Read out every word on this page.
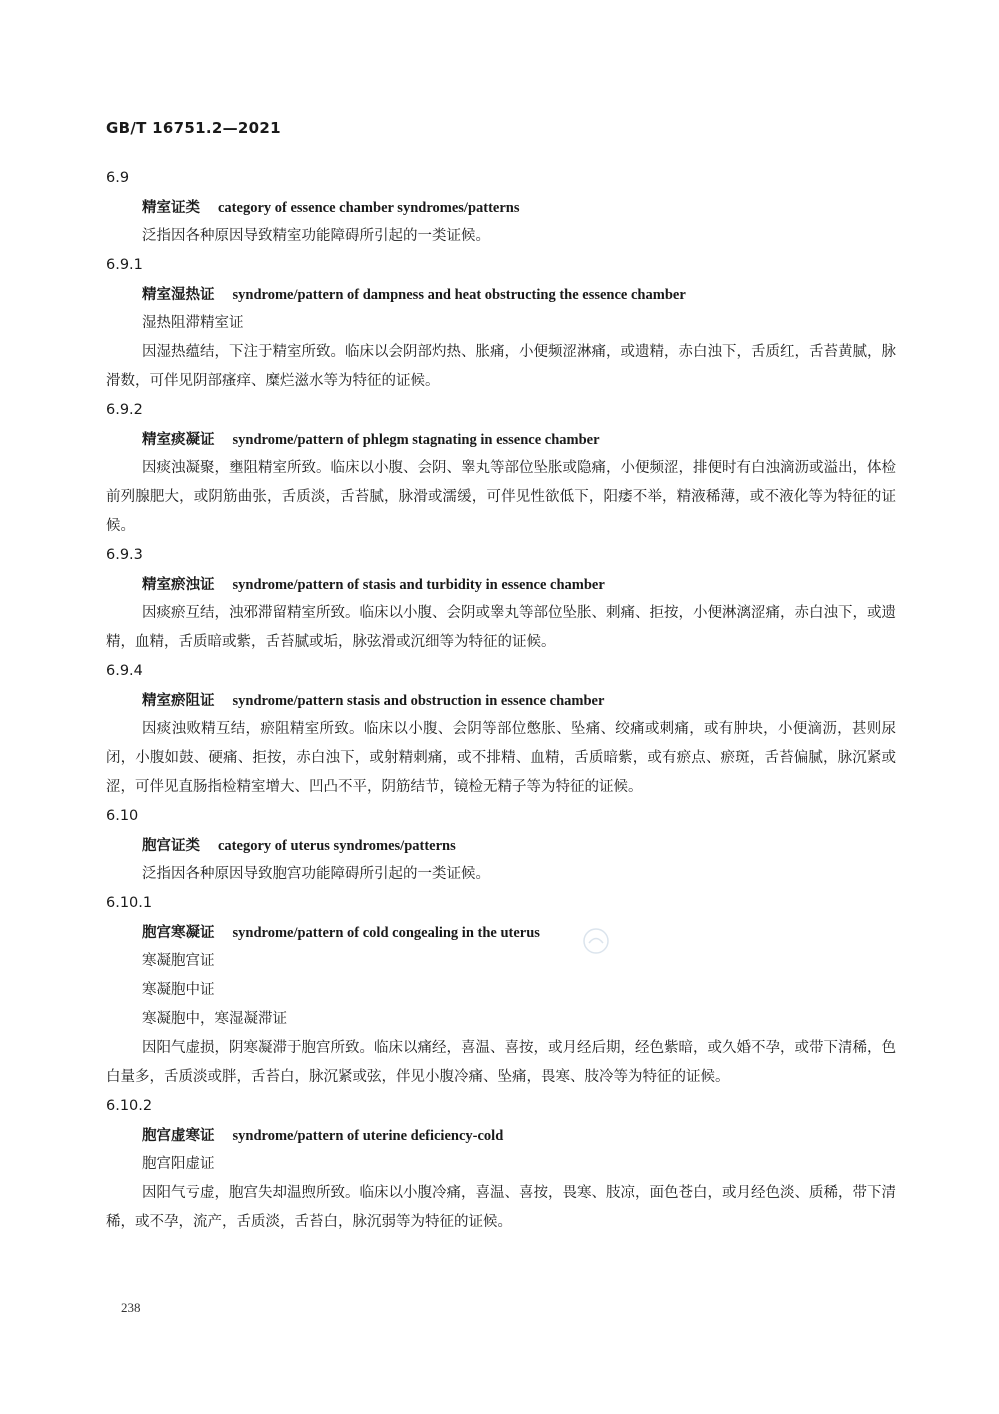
GB/T 16751.2—2021
6.9
精室证类 category of essence chamber syndromes/patterns

泛指因各种原因导致精室功能障碍所引起的一类证候。

6.9.1
精室湿热证 syndrome/pattern of dampness and heat obstructing the essence chamber
湿热阻滞精室证

因湿热蕴结，下注于精室所致。临床以会阴部灼热、胀痛，小便频涩淋痛，或遗精，赤白浊下，舌质红，舌苔黄腻，脉滑数，可伴见阴部瘙痒、糜烂滋水等为特征的证候。

6.9.2
精室痰凝证 syndrome/pattern of phlegm stagnating in essence chamber

因痰浊凝聚，壅阻精室所致。临床以小腹、会阴、睾丸等部位坠胀或隐痛，小便频涩，排便时有白浊滴沥或溢出，体检前列腺肥大，或阴筋曲张，舌质淡，舌苔腻，脉滑或濡缓，可伴见性欲低下，阳痿不举，精液稀薄，或不液化等为特征的证候。

6.9.3
精室瘀浊证 syndrome/pattern of stasis and turbidity in essence chamber

因痰瘀互结，浊邪滞留精室所致。临床以小腹、会阴或睾丸等部位坠胀、刺痛、拒按，小便淋漓涩痛，赤白浊下，或遗精，血精，舌质暗或紫，舌苔腻或垢，脉弦滑或沉细等为特征的证候。

6.9.4
精室瘀阻证 syndrome/pattern stasis and obstruction in essence chamber

因痰浊败精互结，瘀阻精室所致。临床以小腹、会阴等部位憋胀、坠痛、绞痛或刺痛，或有肿块，小便滴沥，甚则尿闭，小腹如鼓、硬痛、拒按，赤白浊下，或射精刺痛，或不排精、血精，舌质暗紫，或有瘀点、瘀斑，舌苔偏腻，脉沉紧或涩，可伴见直肠指检精室增大、凹凸不平，阴筋结节，镜检无精子等为特征的证候。

6.10
胞宫证类 category of uterus syndromes/patterns

泛指因各种原因导致胞宫功能障碍所引起的一类证候。

6.10.1
胞宫寒凝证 syndrome/pattern of cold congealing in the uterus
寒凝胞宫证
寒凝胞中证
寒凝胞中，寒湿凝滞证

因阳气虚损，阴寒凝滞于胞宫所致。临床以痛经，喜温、喜按，或月经后期，经色紫暗，或久婚不孕，或带下清稀，色白量多，舌质淡或胖，舌苔白，脉沉紧或弦，伴见小腹冷痛、坠痛，畏寒、肢冷等为特征的证候。

6.10.2
胞宫虚寒证 syndrome/pattern of uterine deficiency-cold
胞宫阳虚证

因阳气亏虚，胞宫失却温煦所致。临床以小腹冷痛，喜温、喜按，畏寒、肢凉，面色苍白，或月经色淡、质稀，带下清稀，或不孕，流产，舌质淡，舌苔白，脉沉弱等为特征的证候。

238
